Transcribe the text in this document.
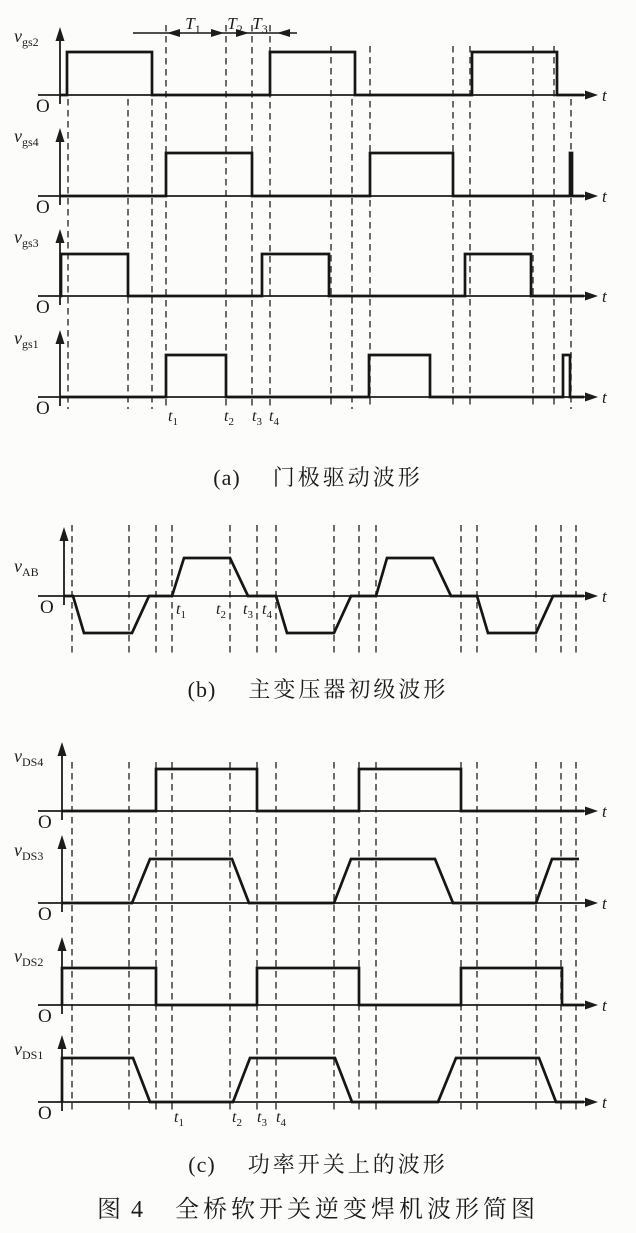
t
O
$v_{gs2}$
t
O
$v_{gs4}$
t
O
$v_{gs3}$
t
O
$v_{gs1}$
$T_1$ $T_2$ $T_3$
$t_1$	$t_2$ $t_3$ $t_4$
t
O
$v_{AB}$
$t_1$ $t_2$ $t_3$ $t_4$
t
O
$v_{DS4}$
t
O
$v_{DS3}$
t
O
$v_{DS2}$
t
O
$v_{DS1}$
$t_1$	$t_2$ $t_3$ $t_4$
(a) 门极驱动波形
(b) 主变压器初级波形
(c) 功率开关上的波形
图 4 全桥软开关逆变焊机波形简图
